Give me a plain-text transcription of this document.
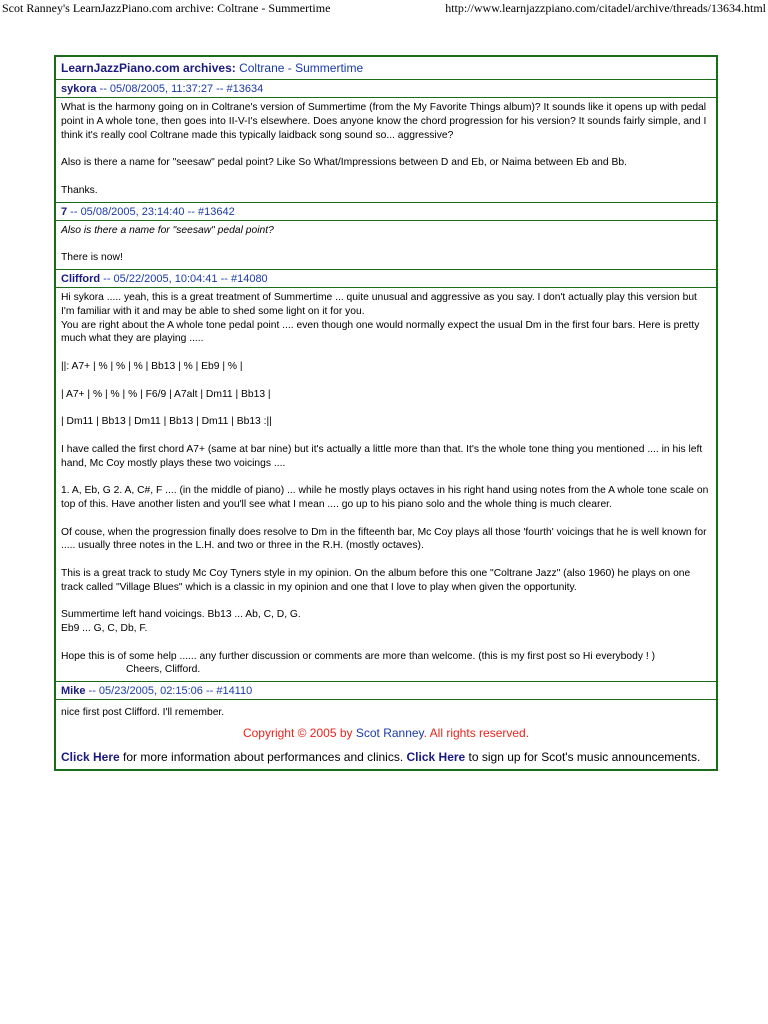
Scot Ranney's LearnJazzPiano.com archive: Coltrane - Summertime	http://www.learnjazzpiano.com/citadel/archive/threads/13634.html
LearnJazzPiano.com archives: Coltrane - Summertime
sykora -- 05/08/2005, 11:37:27 -- #13634

What is the harmony going on in Coltrane's version of Summertime (from the My Favorite Things album)? It sounds like it opens up with pedal point in A whole tone, then goes into II-V-I's elsewhere. Does anyone know the chord progression for his version? It sounds fairly simple, and I think it's really cool Coltrane made this typically laidback song sound so... aggressive?

Also is there a name for "seesaw" pedal point? Like So What/Impressions between D and Eb, or Naima between Eb and Bb.

Thanks.

7 -- 05/08/2005, 23:14:40 -- #13642

Also is there a name for "seesaw" pedal point?

There is now!

Clifford -- 05/22/2005, 10:04:41 -- #14080

Hi sykora ..... yeah, this is a great treatment of Summertime ... quite unusual and aggressive as you say. I don't actually play this version but I'm familiar with it and may be able to shed some light on it for you.
You are right about the A whole tone pedal point .... even though one would normally expect the usual Dm in the first four bars. Here is pretty much what they are playing .....

||: A7+ | % | % | % | Bb13 | % | Eb9 | % |

| A7+ | % | % | % | F6/9 | A7alt | Dm11 | Bb13 |

| Dm11 | Bb13 | Dm11 | Bb13 | Dm11 | Bb13 :||

I have called the first chord A7+ (same at bar nine) but it's actually a little more than that. It's the whole tone thing you mentioned .... in his left hand, Mc Coy mostly plays these two voicings ....

1. A, Eb, G 2. A, C#, F .... (in the middle of piano) ... while he mostly plays octaves in his right hand using notes from the A whole tone scale on top of this. Have another listen and you'll see what I mean .... go up to his piano solo and the whole thing is much clearer.

Of couse, when the progression finally does resolve to Dm in the fifteenth bar, Mc Coy plays all those 'fourth' voicings that he is well known for ..... usually three notes in the L.H. and two or three in the R.H. (mostly octaves).

This is a great track to study Mc Coy Tyners style in my opinion. On the album before this one "Coltrane Jazz" (also 1960) he plays on one track called "Village Blues" which is a classic in my opinion and one that I love to play when given the opportunity.

Summertime left hand voicings. Bb13 ... Ab, C, D, G.
Eb9 ... G, C, Db, F.

Hope this is of some help ...... any further discussion or comments are more than welcome. (this is my first post so Hi everybody ! )

Cheers, Clifford.

Mike -- 05/23/2005, 02:15:06 -- #14110

nice first post Clifford. I'll remember.

Copyright © 2005 by Scot Ranney. All rights reserved.
Click Here for more information about performances and clinics. Click Here to sign up for Scot's music announcements.
